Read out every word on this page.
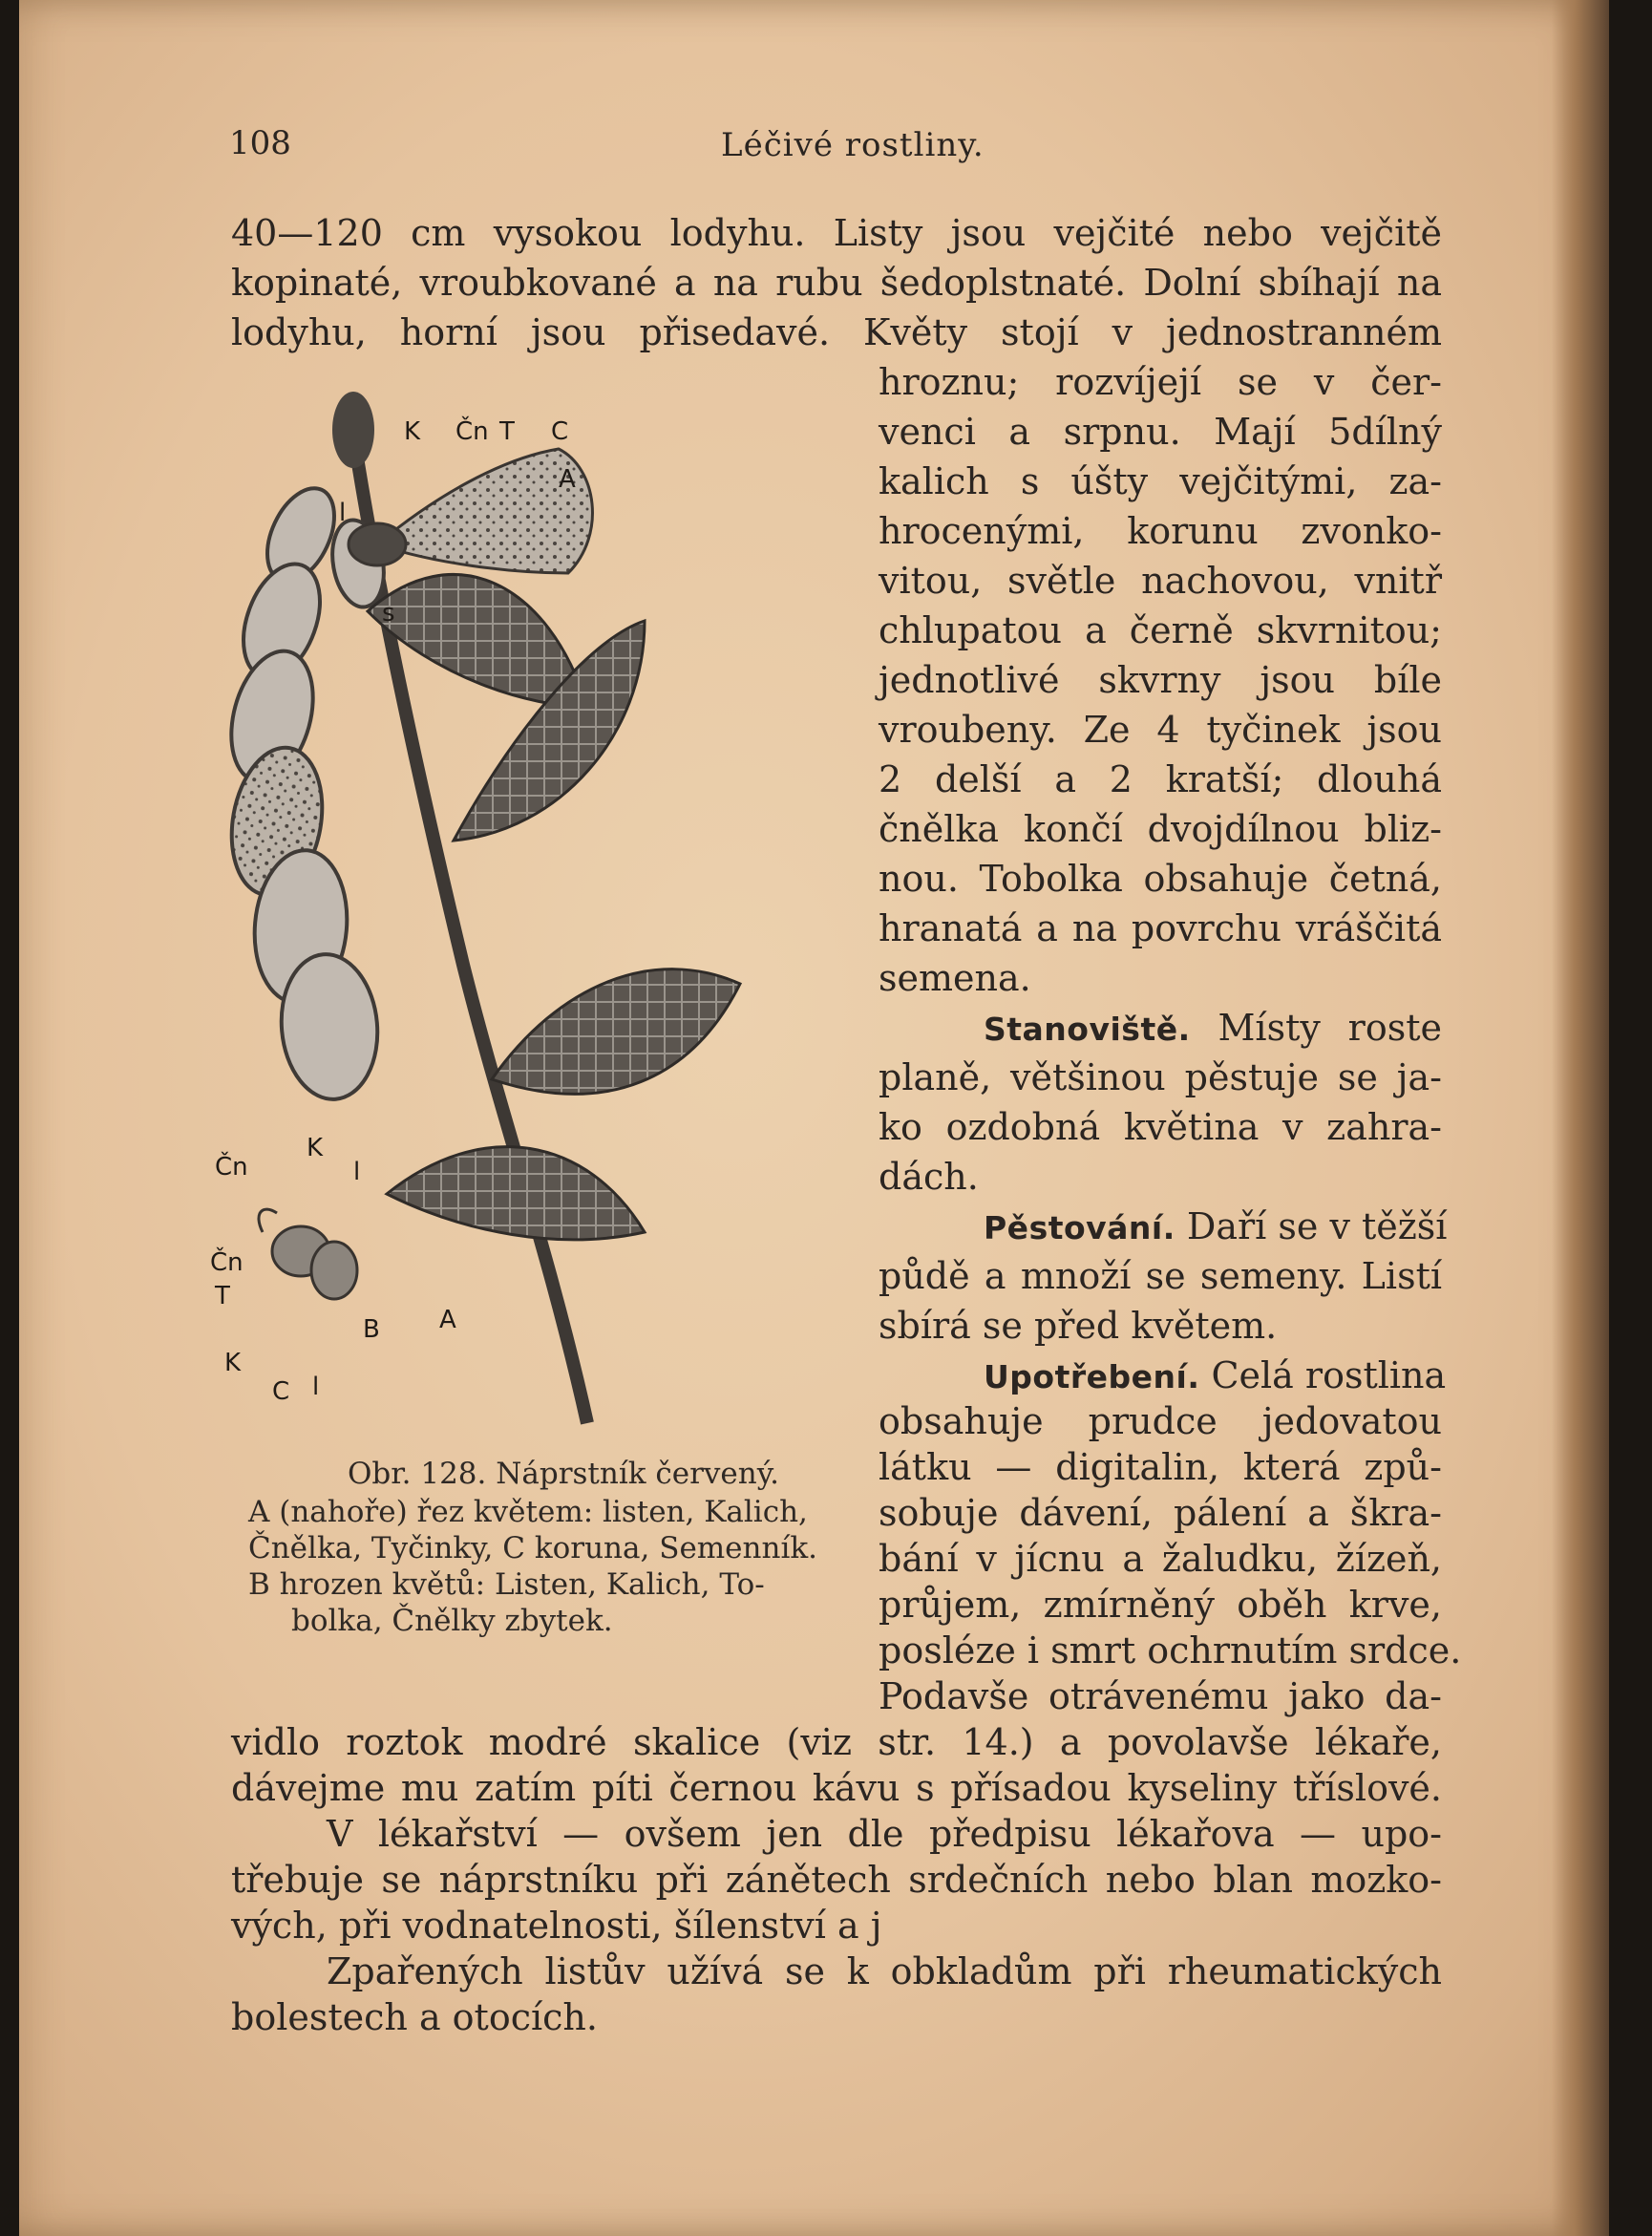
108	Léčivé rostliny.
40—120 cm vysokou lodyhu. Listy jsou vejčité nebo vejčitě
kopinaté, vroubkované a na rubu šedoplstnaté. Dolní sbíhají na
lodyhu, horní jsou přisedavé. Květy stojí v jednostranném
hroznu; rozvíjejí se v čer-
venci a srpnu. Mají 5dílný
kalich s úšty vejčitými, za-
hrocenými, korunu zvonko-
vitou, světle nachovou, vnitř
chlupatou a černě skvrnitou;
jednotlivé skvrny jsou bíle
vroubeny. Ze 4 tyčinek jsou
2 delší a 2 kratší; dlouhá
čnělka končí dvojdílnou bliz-
nou. Tobolka obsahuje četná,
hranatá a na povrchu vráščitá
semena.
Stanoviště. Místy roste
planě, většinou pěstuje se ja-
ko ozdobná květina v zahra-
dách.
Pěstování. Daří se v těžší
půdě a množí se semeny. Listí
sbírá se před květem.
Upotřebení. Celá rostlina
obsahuje prudce jedovatou
látku — digitalin, která způ-
sobuje dávení, pálení a škra-
bání v jícnu a žaludku, žízeň,
průjem, zmírněný oběh krve,
posléze i smrt ochrnutím srdce.
Podavše otrávenému jako da-
vidlo roztok modré skalice (viz str. 14.) a povolavše lékaře,
dávejme mu zatím píti černou kávu s přísadou kyseliny tříslové.
V lékařství — ovšem jen dle předpisu lékařova — upo-
třebuje se náprstníku při zánětech srdečních nebo blan mozko-
vých, při vodnatelnosti, šílenství a j
Zpařených listův užívá se k obkladům při rheumatických
bolestech a otocích.
K Čn T C
A
l
s
K
Čn	l
Čn
T
B A
K
C l
Obr. 128. Náprstník červený.
A (nahoře) řez květem: listen, Kalich,
Čnělka, Tyčinky, C koruna, Semenník.
B hrozen květů: Listen, Kalich, To-
bolka, Čnělky zbytek.
